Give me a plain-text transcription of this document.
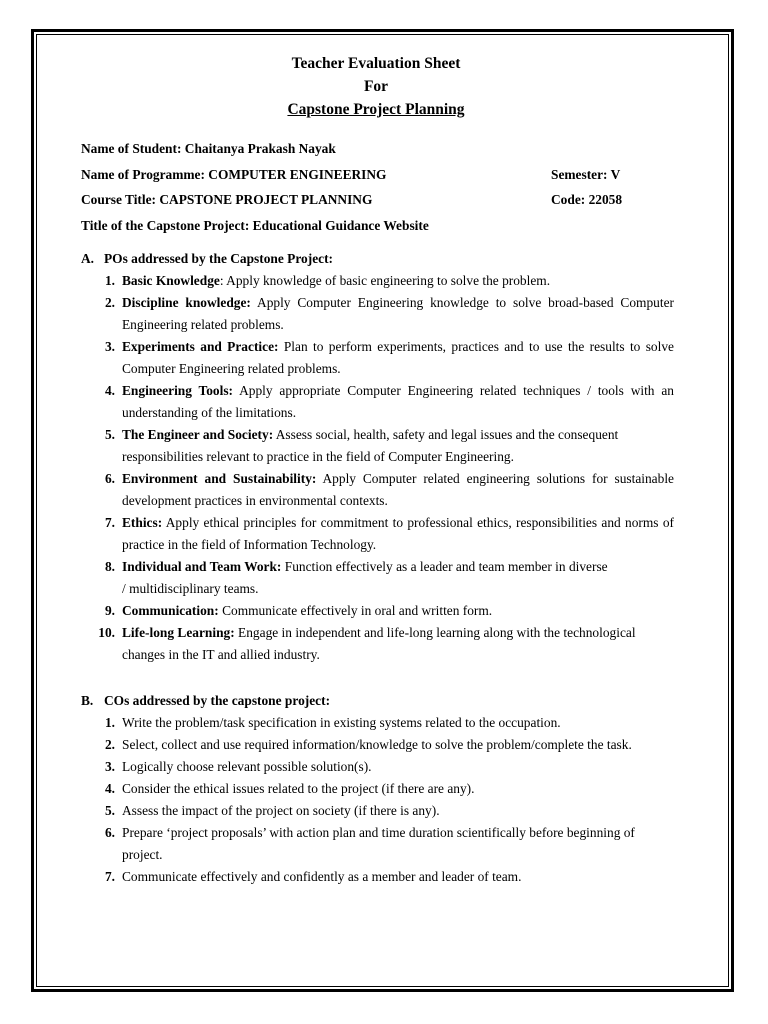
Teacher Evaluation Sheet
For
Capstone Project Planning
Name of Student: Chaitanya Prakash Nayak
Name of Programme: COMPUTER ENGINEERING	Semester: V
Course Title: CAPSTONE PROJECT PLANNING	Code: 22058
Title of the Capstone Project: Educational Guidance Website
A. POs addressed by the Capstone Project:
1. Basic Knowledge: Apply knowledge of basic engineering to solve the problem.
2. Discipline knowledge: Apply Computer Engineering knowledge to solve broad-based Computer Engineering related problems.
3. Experiments and Practice: Plan to perform experiments, practices and to use the results to solve Computer Engineering related problems.
4. Engineering Tools: Apply appropriate Computer Engineering related techniques / tools with an understanding of the limitations.
5. The Engineer and Society: Assess social, health, safety and legal issues and the consequent responsibilities relevant to practice in the field of Computer Engineering.
6. Environment and Sustainability: Apply Computer related engineering solutions for sustainable development practices in environmental contexts.
7. Ethics: Apply ethical principles for commitment to professional ethics, responsibilities and norms of practice in the field of Information Technology.
8. Individual and Team Work: Function effectively as a leader and team member in diverse
/ multidisciplinary teams.
9. Communication: Communicate effectively in oral and written form.
10. Life-long Learning: Engage in independent and life-long learning along with the technological changes in the IT and allied industry.
B. COs addressed by the capstone project:
1. Write the problem/task specification in existing systems related to the occupation.
2. Select, collect and use required information/knowledge to solve the problem/complete the task.
3. Logically choose relevant possible solution(s).
4. Consider the ethical issues related to the project (if there are any).
5. Assess the impact of the project on society (if there is any).
6. Prepare ‘project proposals’ with action plan and time duration scientifically before beginning of project.
7. Communicate effectively and confidently as a member and leader of team.
